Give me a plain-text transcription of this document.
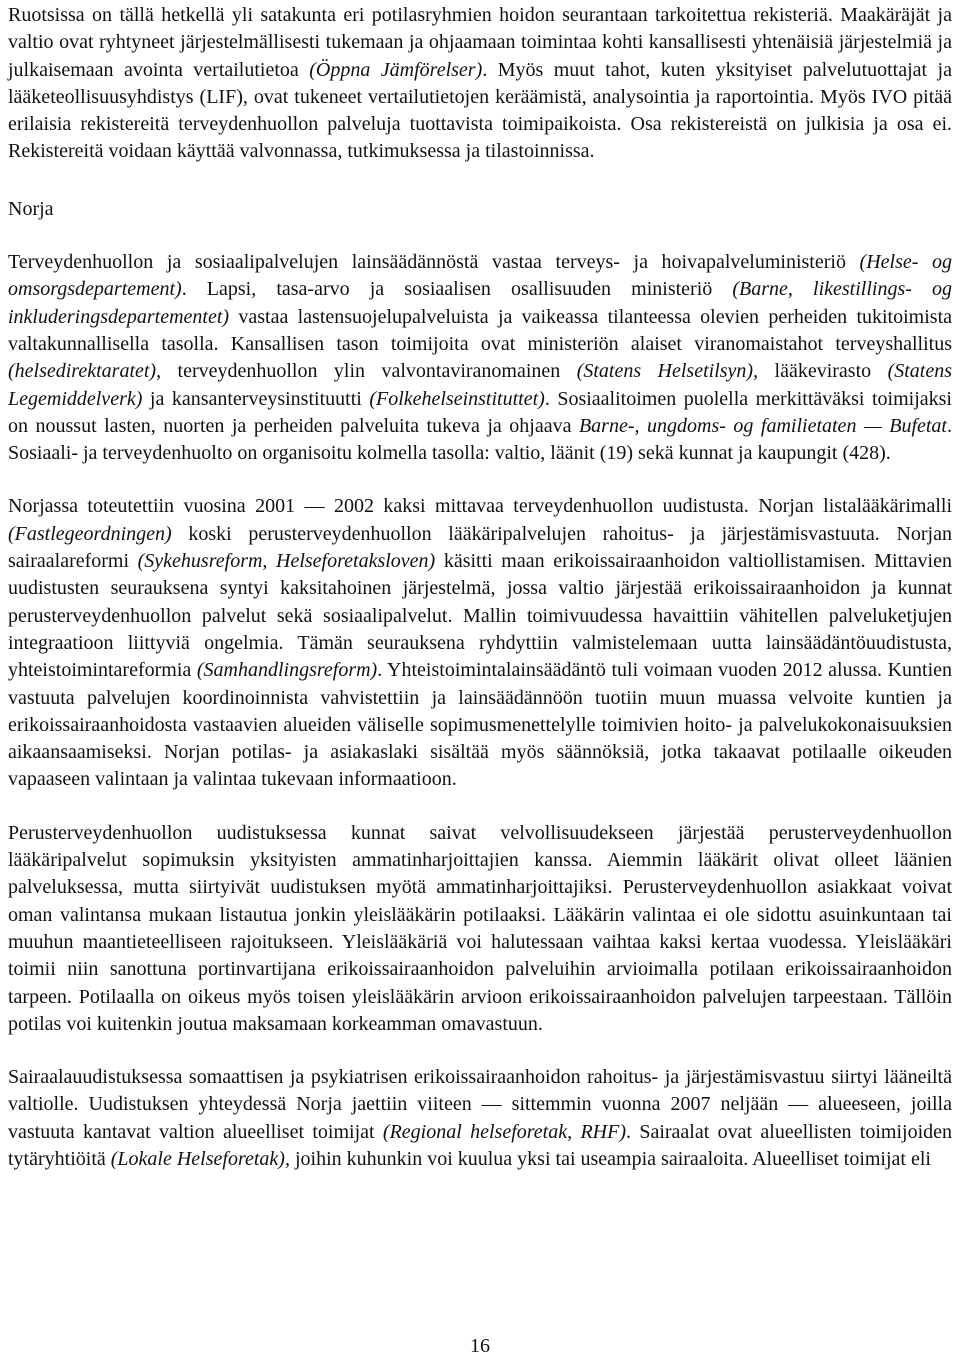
Ruotsissa on tällä hetkellä yli satakunta eri potilasryhmien hoidon seurantaan tarkoitettua rekisteriä. Maakäräjät ja valtio ovat ryhtyneet järjestelmällisesti tukemaan ja ohjaamaan toimintaa kohti kansallisesti yhtenäisiä järjestelmiä ja julkaisemaan avointa vertailutietoa (Öppna Jämförelser). Myös muut tahot, kuten yksityiset palvelutuottajat ja lääketeollisuusyhdistys (LIF), ovat tukeneet vertailutietojen keräämistä, analysointia ja raportointia. Myös IVO pitää erilaisia rekistereitä terveydenhuollon palveluja tuottavista toimipaikoista. Osa rekistereistä on julkisia ja osa ei. Rekistereitä voidaan käyttää valvonnassa, tutkimuksessa ja tilastoinnissa.

Norja

Terveydenhuollon ja sosiaalipalvelujen lainsäädännöstä vastaa terveys- ja hoivapalveluministeriö (Helse- og omsorgsdepartement). Lapsi, tasa-arvo ja sosiaalisen osallisuuden ministeriö (Barne, likestillings- og inkluderingsdepartementet) vastaa lastensuojelupalveluista ja vaikeassa tilanteessa olevien perheiden tukitoimista valtakunnallisella tasolla. Kansallisen tason toimijoita ovat ministeriön alaiset viranomaistahot terveyshallitus (helsedirektaratet), terveydenhuollon ylin valvontaviranomainen (Statens Helsetilsyn), lääkevirasto (Statens Legemiddelverk) ja kansanterveysinstituutti (Folkehelseinstituttet). Sosiaalitoimen puolella merkittäväksi toimijaksi on noussut lasten, nuorten ja perheiden palveluita tukeva ja ohjaava Barne-, ungdoms- og familietaten — Bufetat. Sosiaali- ja terveydenhuolto on organisoitu kolmella tasolla: valtio, läänit (19) sekä kunnat ja kaupungit (428).

Norjassa toteutettiin vuosina 2001 — 2002 kaksi mittavaa terveydenhuollon uudistusta. Norjan listalääkärimalli (Fastlegeordningen) koski perusterveydenhuollon lääkäripalvelujen rahoitus- ja järjestämisvastuuta. Norjan sairaalareformi (Sykehusreform, Helseforetaksloven) käsitti maan erikoissairaanhoidon valtiollistamisen. Mittavien uudistusten seurauksena syntyi kaksitahoinen järjestelmä, jossa valtio järjestää erikoissairaanhoidon ja kunnat perusterveydenhuollon palvelut sekä sosiaalipalvelut. Mallin toimivuudessa havaittiin vähitellen palveluketjujen integraatioon liittyviä ongelmia. Tämän seurauksena ryhdyttiin valmistelemaan uutta lainsäädäntöuudistusta, yhteistoimintareformia (Samhandlingsreform). Yhteistoimintalainsäädäntö tuli voimaan vuoden 2012 alussa. Kuntien vastuuta palvelujen koordinoinnista vahvistettiin ja lainsäädännöön tuotiin muun muassa velvoite kuntien ja erikoissairaanhoidosta vastaavien alueiden väliselle sopimusmenettelylle toimivien hoito- ja palvelukokonaisuuksien aikaansaamiseksi. Norjan potilas- ja asiakaslaki sisältää myös säännöksiä, jotka takaavat potilaalle oikeuden vapaaseen valintaan ja valintaa tukevaan informaatioon.

Perusterveydenhuollon uudistuksessa kunnat saivat velvollisuudekseen järjestää perusterveydenhuollon lääkäripalvelut sopimuksin yksityisten ammatinharjoittajien kanssa. Aiemmin lääkärit olivat olleet läänien palveluksessa, mutta siirtyivät uudistuksen myötä ammatinharjoittajiksi. Perusterveydenhuollon asiakkaat voivat oman valintansa mukaan listautua jonkin yleislääkärin potilaaksi. Lääkärin valintaa ei ole sidottu asuinkuntaan tai muuhun maantieteelliseen rajoitukseen. Yleislääkäriä voi halutessaan vaihtaa kaksi kertaa vuodessa. Yleislääkäri toimii niin sanottuna portinvartijana erikoissairaanhoidon palveluihin arvioimalla potilaan erikoissairaanhoidon tarpeen. Potilaalla on oikeus myös toisen yleislääkärin arvioon erikoissairaanhoidon palvelujen tarpeestaan. Tällöin potilas voi kuitenkin joutua maksamaan korkeamman omavastuun.

Sairaalauudistuksessa somaattisen ja psykiatrisen erikoissairaanhoidon rahoitus- ja järjestämisvastuu siirtyi lääneiltä valtiolle. Uudistuksen yhteydessä Norja jaettiin viiteen — sittemmin vuonna 2007 neljään — alueeseen, joilla vastuuta kantavat valtion alueelliset toimijat (Regional helseforetak, RHF). Sairaalat ovat alueellisten toimijoiden tytäryhtiöitä (Lokale Helseforetak), joihin kuhunkin voi kuulua yksi tai useampia sairaaloita. Alueelliset toimijat eli

16
